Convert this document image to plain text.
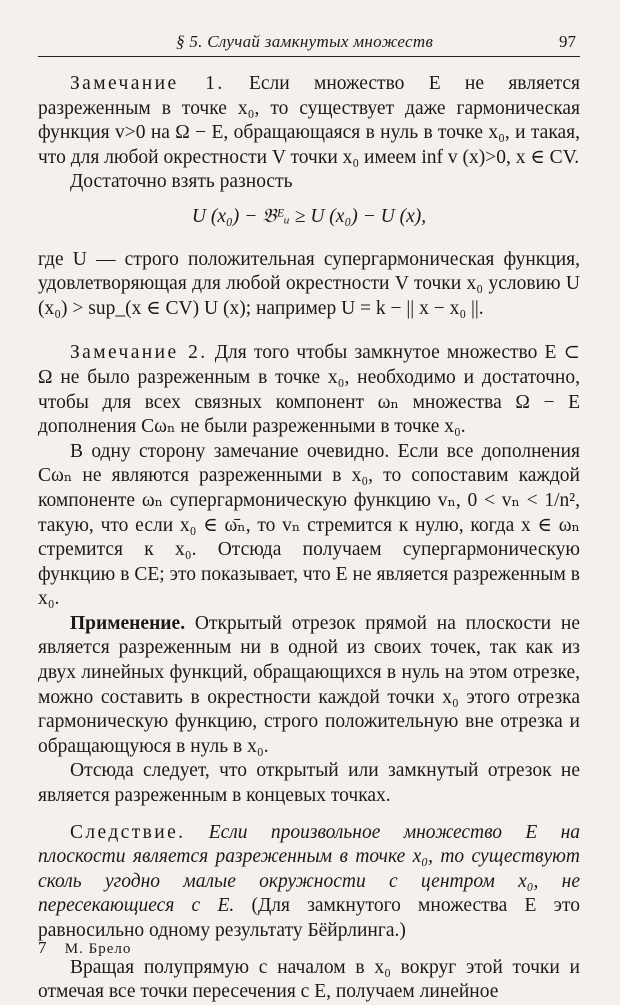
§ 5. Случай замкнутых множеств	97

Замечание 1. Если множество E не является разреженным в точке x₀, то существует даже гармоническая функция v>0 на Ω − E, обращающаяся в нуль в точке x₀, и такая, что для любой окрестности V точки x₀ имеем inf v (x)>0, x ∈ CV.

Достаточно взять разность

U (x₀) − 𝔅ᴱᵤ ≥ U (x₀) − U (x),

где U — строго положительная супергармоническая функция, удовлетворяющая для любой окрестности V точки x₀ условию U (x₀) > sup_(x ∈ CV) U (x); например U = k − || x − x₀ ||.

Замечание 2. Для того чтобы замкнутое множество E ⊂ Ω не было разреженным в точке x₀, необходимо и достаточно, чтобы для всех связных компонент ωₙ множества Ω − E дополнения Cωₙ не были разреженными в точке x₀.

В одну сторону замечание очевидно. Если все дополнения Cωₙ не являются разреженными в x₀, то сопоставим каждой компоненте ωₙ супергармоническую функцию vₙ, 0 < vₙ < 1/n², такую, что если x₀ ∈ ω̄ₙ, то vₙ стремится к нулю, когда x ∈ ωₙ стремится к x₀. Отсюда получаем супергармоническую функцию в CE; это показывает, что E не является разреженным в x₀.

Применение. Открытый отрезок прямой на плоскости не является разреженным ни в одной из своих точек, так как из двух линейных функций, обращающихся в нуль на этом отрезке, можно составить в окрестности каждой точки x₀ этого отрезка гармоническую функцию, строго положительную вне отрезка и обращающуюся в нуль в x₀.

Отсюда следует, что открытый или замкнутый отрезок не является разреженным в концевых точках.

Следствие. Если произвольное множество E на плоскости является разреженным в точке x₀, то существуют сколь угодно малые окружности с центром x₀, не пересекающиеся с E. (Для замкнутого множества E это равносильно одному результату Бёйрлинга.)

Вращая полупрямую с началом в x₀ вокруг этой точки и отмечая все точки пересечения с E, получаем линейное

7 М. Брело
